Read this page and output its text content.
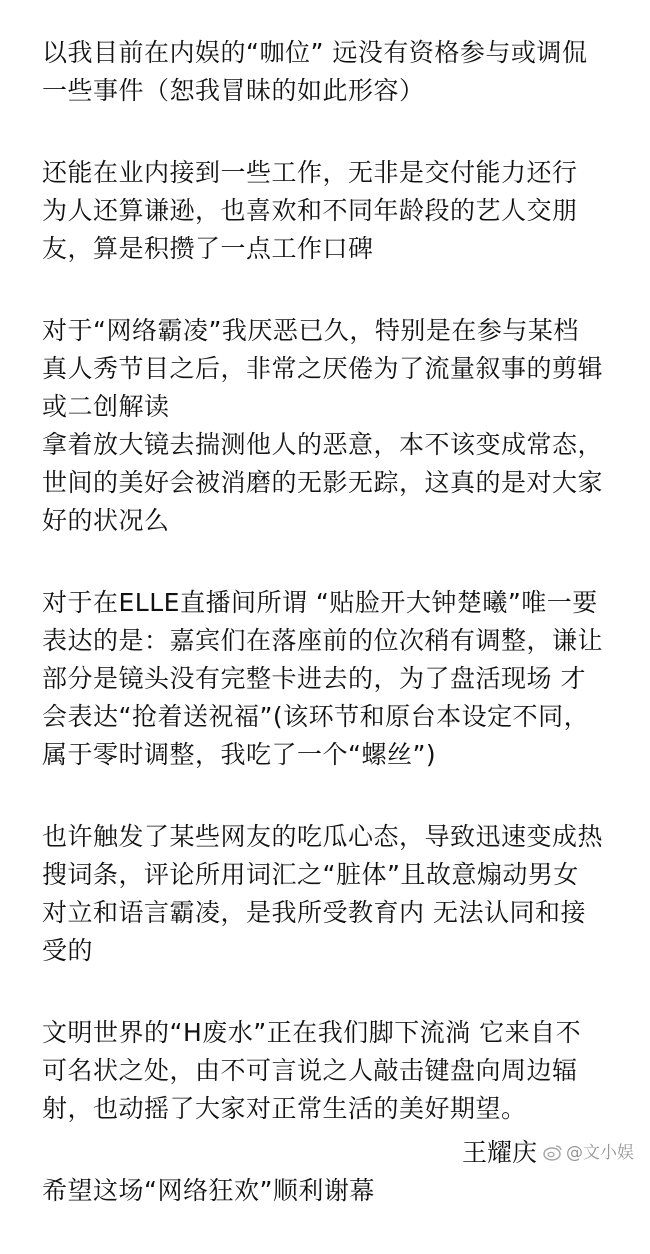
以我目前在内娱的“咖位” 远没有资格参与或调侃
一些事件（恕我冒昧的如此形容）
还能在业内接到一些工作，无非是交付能力还行
为人还算谦逊，也喜欢和不同年龄段的艺人交朋
友，算是积攒了一点工作口碑
对于“网络霸凌”我厌恶已久，特别是在参与某档
真人秀节目之后，非常之厌倦为了流量叙事的剪辑
或二创解读
拿着放大镜去揣测他人的恶意，本不该变成常态，
世间的美好会被消磨的无影无踪，这真的是对大家
好的状况么
对于在ELLE直播间所谓 “贴脸开大钟楚曦”唯一要
表达的是：嘉宾们在落座前的位次稍有调整，谦让
部分是镜头没有完整卡进去的，为了盘活现场 才
会表达“抢着送祝福”(该环节和原台本设定不同，
属于零时调整，我吃了一个“螺丝”)
也许触发了某些网友的吃瓜心态，导致迅速变成热
搜词条，评论所用词汇之“脏体”且故意煽动男女
对立和语言霸凌，是我所受教育内 无法认同和接
受的
文明世界的“H废水”正在我们脚下流淌 它来自不
可名状之处，由不可言说之人敲击键盘向周边辐
射，也动摇了大家对正常生活的美好期望。
希望这场“网络狂欢”顺利谢幕
王耀庆 @文小娱
